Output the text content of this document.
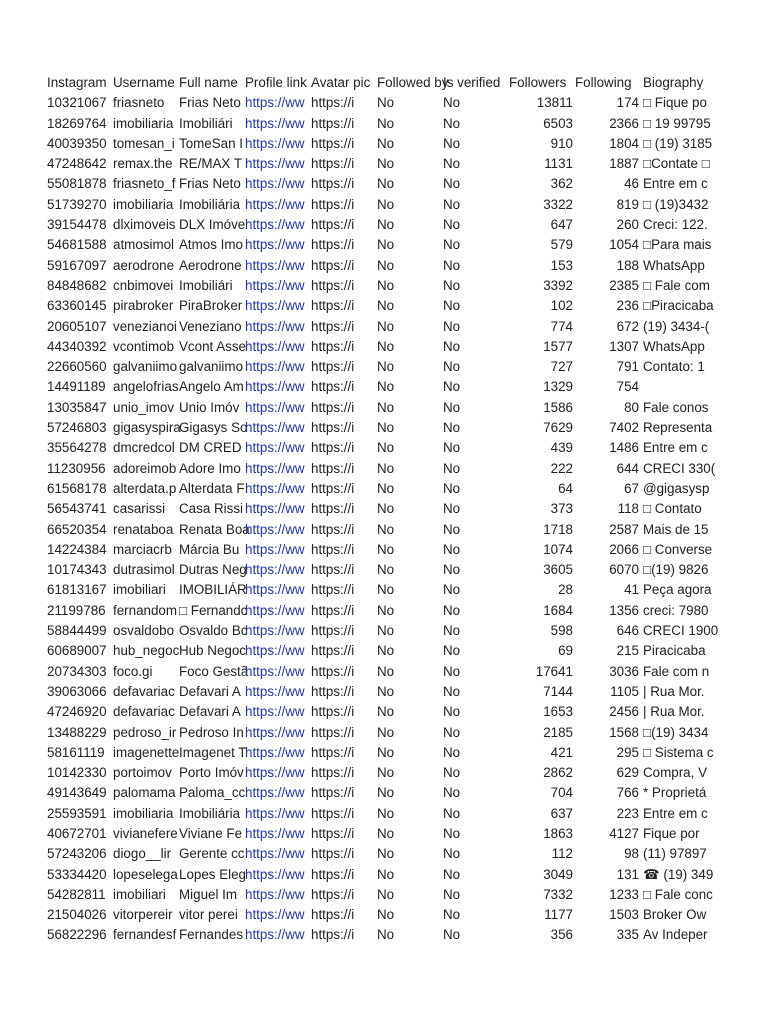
Instagram	Username	Full name	Profile link	Avatar pic	Followed by	Is verified	Followers	Following	Biography
10321067	friasneto	Frias Neto	https://ww	https://i	No	No	13811	174	□ Fique po
18269764	imobiliaria	Imobiliári	https://ww	https://i	No	No	6503	2366	□ 19 99795
40039350	tomesan_i	TomeSan I	https://ww	https://i	No	No	910	1804	□ (19) 3185
47248642	remax.the	RE/MAX T	https://ww	https://i	No	No	1131	1887	□Contate □
55081878	friasneto_f	Frias Neto	https://ww	https://i	No	No	362	46	Entre em c
51739270	imobiliaria	Imobiliária	https://ww	https://i	No	No	3322	819	□ (19)3432
39154478	dlximoveis	DLX Imóve	https://ww	https://i	No	No	647	260	Creci: 122.
54681588	atmosimol	Atmos Imo	https://ww	https://i	No	No	579	1054	□Para mais
59167097	aerodrone	Aerodrone	https://ww	https://i	No	No	153	188	WhatsApp
84848682	cnbimovei	Imobiliári	https://ww	https://i	No	No	3392	2385	□ Fale com
63360145	pirabroker	PiraBroker	https://ww	https://i	No	No	102	236	□Piracicaba
20605107	venezianoi	Veneziano	https://ww	https://i	No	No	774	672	(19) 3434-(
44340392	vcontimob	Vcont Asse	https://ww	https://i	No	No	1577	1307	WhatsApp
22660560	galvaniimo	galvaniimo	https://ww	https://i	No	No	727	791	Contato: 1
14491189	angelofrias	Angelo Am	https://ww	https://i	No	No	1329	754	
13035847	unio_imov	Unio Imóv	https://ww	https://i	No	No	1586	80	Fale conos
57246803	gigasyspira	Gigasys So	https://ww	https://i	No	No	7629	7402	Representa
35564278	dmcredcol	DM CRED	https://ww	https://i	No	No	439	1486	Entre em c
11230956	adoreimob	Adore Imo	https://ww	https://i	No	No	222	644	CRECI 330(
61568178	alterdata.p	Alterdata F	https://ww	https://i	No	No	64	67	@gigasysp
56543741	casarissi	Casa Rissi	https://ww	https://i	No	No	373	118	□ Contato
66520354	renataboa	Renata Boa	https://ww	https://i	No	No	1718	2587	Mais de 15
14224384	marciacrb	Márcia Bu	https://ww	https://i	No	No	1074	2066	□ Converse
10174343	dutrasimol	Dutras Neg	https://ww	https://i	No	No	3605	6070	□(19) 9826
61813167	imobiliari	IMOBILIÁR	https://ww	https://i	No	No	28	41	Peça agora
21199786	fernandom	□ Fernandc	https://ww	https://i	No	No	1684	1356	creci: 7980
58844499	osvaldobo	Osvaldo Bc	https://ww	https://i	No	No	598	646	CRECI 1900
60689007	hub_negoc	Hub Negoc	https://ww	https://i	No	No	69	215	Piracicaba
20734303	foco.gi	Foco Gestã	https://ww	https://i	No	No	17641	3036	Fale com n
39063066	defavariac	Defavari A	https://ww	https://i	No	No	7144	1105	| Rua Mor.
47246920	defavariac	Defavari A	https://ww	https://i	No	No	1653	2456	| Rua Mor.
13488229	pedroso_ir	Pedroso In	https://ww	https://i	No	No	2185	1568	□(19) 3434
58161119	imagenette	Imagenet T	https://ww	https://i	No	No	421	295	□ Sistema c
10142330	portoimov	Porto Imóv	https://ww	https://i	No	No	2862	629	Compra, V
49143649	palomama	Paloma_cc	https://ww	https://i	No	No	704	766	* Proprietá
25593591	imobiliaria	Imobiliária	https://ww	https://i	No	No	637	223	Entre em c
40672701	vivianefere	Viviane Fe	https://ww	https://i	No	No	1863	4127	Fique por
57243206	diogo__lir	Gerente cc	https://ww	https://i	No	No	112	98	(11) 97897
53334420	lopeselega	Lopes Eleg	https://ww	https://i	No	No	3049	131	☎ (19) 349
54282811	imobiliari	Miguel Im	https://ww	https://i	No	No	7332	1233	□ Fale conc
21504026	vitorpereir	vitor perei	https://ww	https://i	No	No	1177	1503	Broker Ow
56822296	fernandesf	Fernandes	https://ww	https://i	No	No	356	335	Av Indeper
